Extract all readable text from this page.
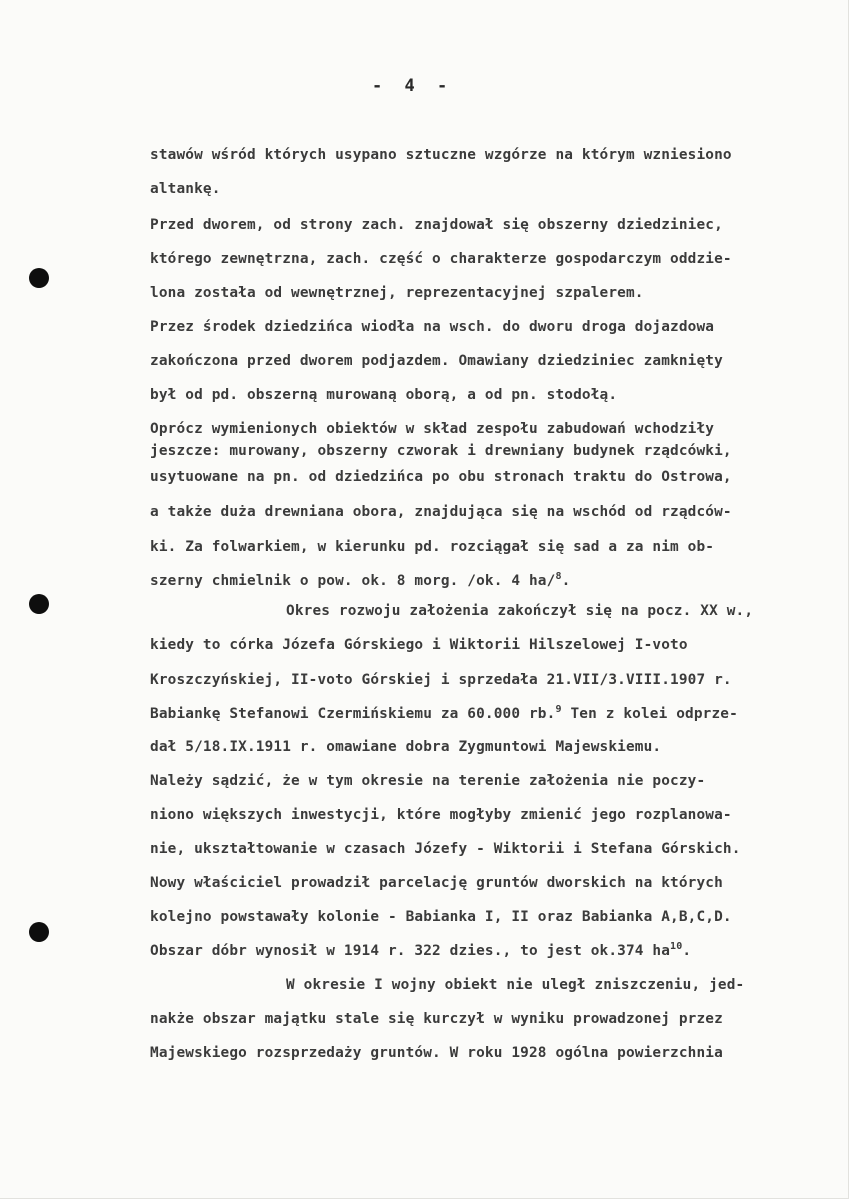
- 4 -
stawów wśród których usypano sztuczne wzgórze na którym wzniesiono
altankę.
Przed dworem, od strony zach. znajdował się obszerny dziedziniec,
którego zewnętrzna, zach. część o charakterze gospodarczym oddzie-
lona została od wewnętrznej, reprezentacyjnej szpalerem.
Przez środek dziedzińca wiodła na wsch. do dworu droga dojazdowa
zakończona przed dworem podjazdem. Omawiany dziedziniec zamknięty
był od pd. obszerną murowaną oborą, a od pn. stodołą.
Oprócz wymienionych obiektów w skład zespołu zabudowań wchodziły
jeszcze: murowany, obszerny czworak i drewniany budynek rządcówki,
usytuowane na pn. od dziedzińca po obu stronach traktu do Ostrowa,
a także duża drewniana obora, znajdująca się na wschód od rządców-
ki. Za folwarkiem, w kierunku pd. rozciągał się sad a za nim ob-
szerny chmielnik o pow. ok. 8 morg. /ok. 4 ha/$^8$.
Okres rozwoju założenia zakończył się na pocz. XX w.,
kiedy to córka Józefa Górskiego i Wiktorii Hilszelowej I-voto
Kroszczyńskiej, II-voto Górskiej i sprzedała 21.VII/3.VIII.1907 r.
Babiankę Stefanowi Czermińskiemu za 60.000 rb.$^9$ Ten z kolei odprze-
dał 5/18.IX.1911 r. omawiane dobra Zygmuntowi Majewskiemu.
Należy sądzić, że w tym okresie na terenie założenia nie poczy-
niono większych inwestycji, które mogłyby zmienić jego rozplanowa-
nie, ukształtowanie w czasach Józefy - Wiktorii i Stefana Górskich.
Nowy właściciel prowadził parcelację gruntów dworskich na których
kolejno powstawały kolonie - Babianka I, II oraz Babianka A,B,C,D.
Obszar dóbr wynosił w 1914 r. 322 dzies., to jest ok.374 $ha^{10}$.
W okresie I wojny obiekt nie uległ zniszczeniu, jed-
nakże obszar majątku stale się kurczył w wyniku prowadzonej przez
Majewskiego rozsprzedaży gruntów. W roku 1928 ogólna powierzchnia
